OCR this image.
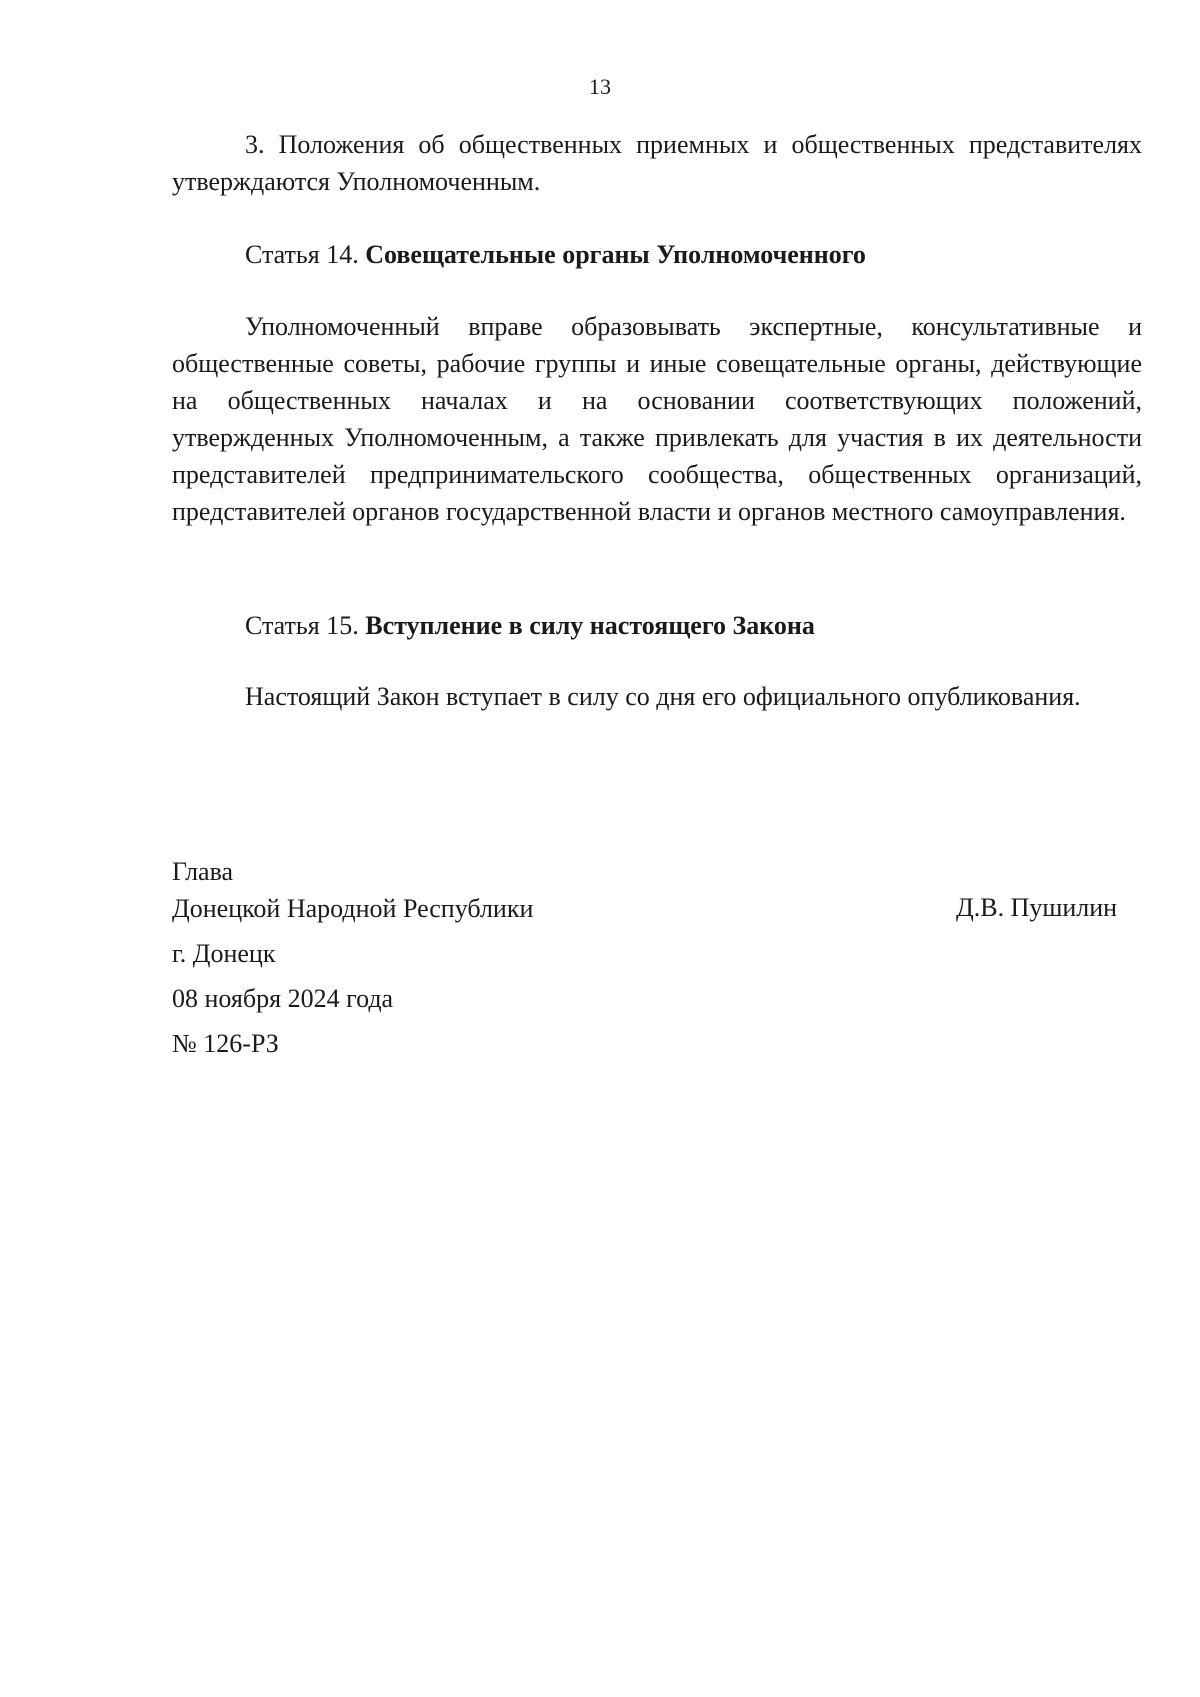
13
3. Положения об общественных приемных и общественных представителях утверждаются Уполномоченным.
Статья 14. Совещательные органы Уполномоченного
Уполномоченный вправе образовывать экспертные, консультативные и общественные советы, рабочие группы и иные совещательные органы, действующие на общественных началах и на основании соответствующих положений, утвержденных Уполномоченным, а также привлекать для участия в их деятельности представителей предпринимательского сообщества, общественных организаций, представителей органов государственной власти и органов местного самоуправления.
Статья 15. Вступление в силу настоящего Закона
Настоящий Закон вступает в силу со дня его официального опубликования.
Глава
Донецкой Народной Республики	Д.В. Пушилин
г. Донецк
08 ноября 2024 года
№ 126-РЗ
